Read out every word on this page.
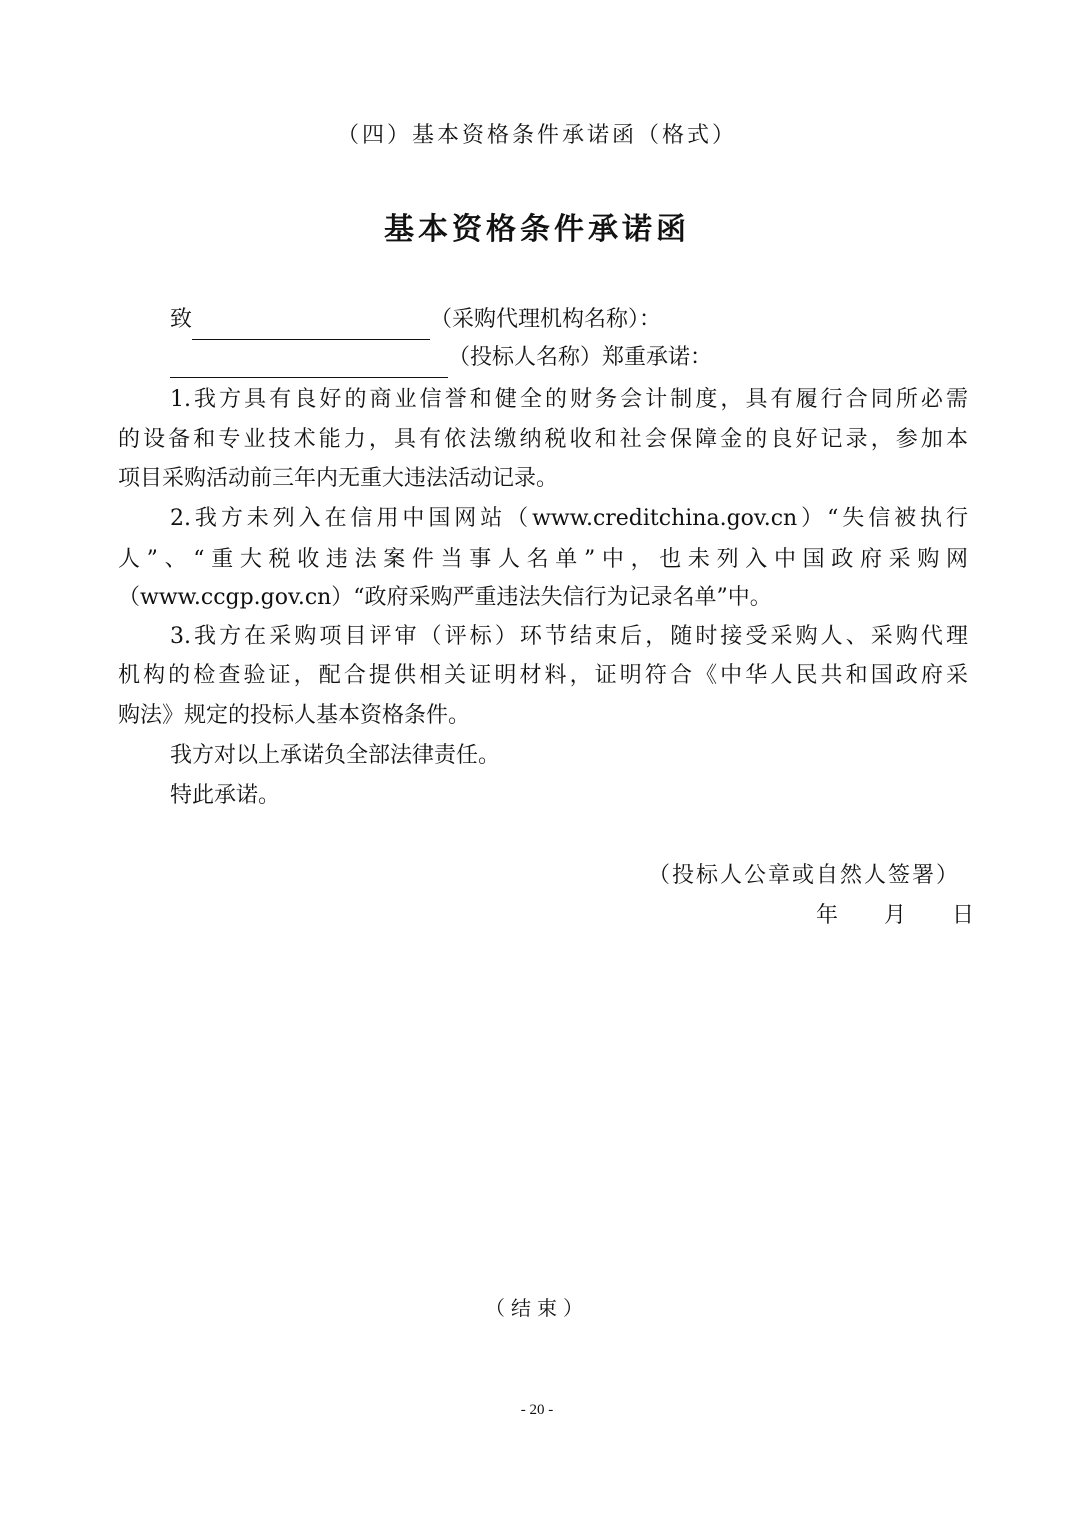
（四）基本资格条件承诺函（格式）
基本资格条件承诺函
致	（采购代理机构名称）：
（投标人名称）郑重承诺：
1.我方具有良好的商业信誉和健全的财务会计制度，具有履行合同所必需
的设备和专业技术能力，具有依法缴纳税收和社会保障金的良好记录，参加本
项目采购活动前三年内无重大违法活动记录。
2.我方未列入在信用中国网站（www.creditchina.gov.cn）“失信被执行
人”、“重大税收违法案件当事人名单”中，也未列入中国政府采购网
（www.ccgp.gov.cn）“政府采购严重违法失信行为记录名单”中。
3.我方在采购项目评审（评标）环节结束后，随时接受采购人、采购代理
机构的检查验证，配合提供相关证明材料，证明符合《中华人民共和国政府采
购法》规定的投标人基本资格条件。
我方对以上承诺负全部法律责任。
特此承诺。
（投标人公章或自然人签署）
年 月 日
（结束）
- 20 -
